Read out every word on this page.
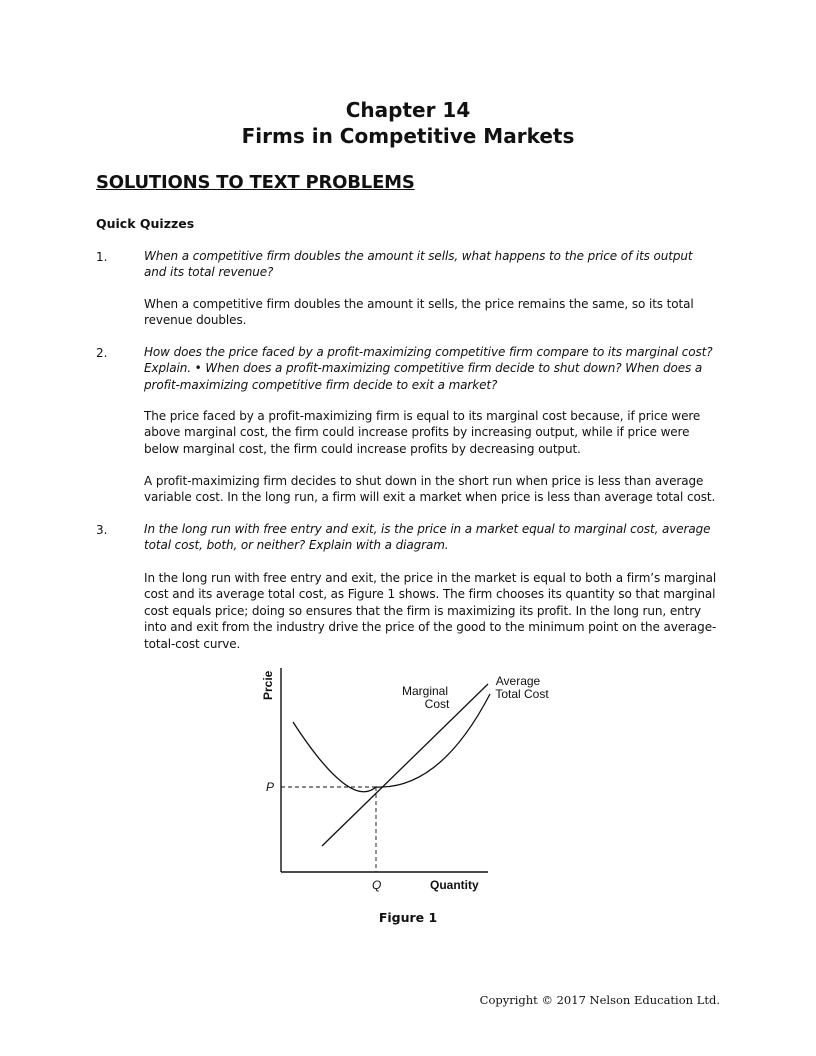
Chapter 14
Firms in Competitive Markets
SOLUTIONS TO TEXT PROBLEMS
Quick Quizzes
1.	When a competitive firm doubles the amount it sells, what happens to the price of its output and its total revenue?
When a competitive firm doubles the amount it sells, the price remains the same, so its total revenue doubles.
2.	How does the price faced by a profit-maximizing competitive firm compare to its marginal cost? Explain. • When does a profit-maximizing competitive firm decide to shut down? When does a profit-maximizing competitive firm decide to exit a market?
The price faced by a profit-maximizing firm is equal to its marginal cost because, if price were above marginal cost, the firm could increase profits by increasing output, while if price were below marginal cost, the firm could increase profits by decreasing output.
A profit-maximizing firm decides to shut down in the short run when price is less than average variable cost. In the long run, a firm will exit a market when price is less than average total cost.
3.	In the long run with free entry and exit, is the price in a market equal to marginal cost, average total cost, both, or neither? Explain with a diagram.
In the long run with free entry and exit, the price in the market is equal to both a firm’s marginal cost and its average total cost, as Figure 1 shows. The firm chooses its quantity so that marginal cost equals price; doing so ensures that the firm is maximizing its profit. In the long run, entry into and exit from the industry drive the price of the good to the minimum point on the average-total-cost curve.
Prcie
P
Q	Quantity
Marginal
Cost
Average
Total Cost
Figure 1
Copyright © 2017 Nelson Education Ltd.
